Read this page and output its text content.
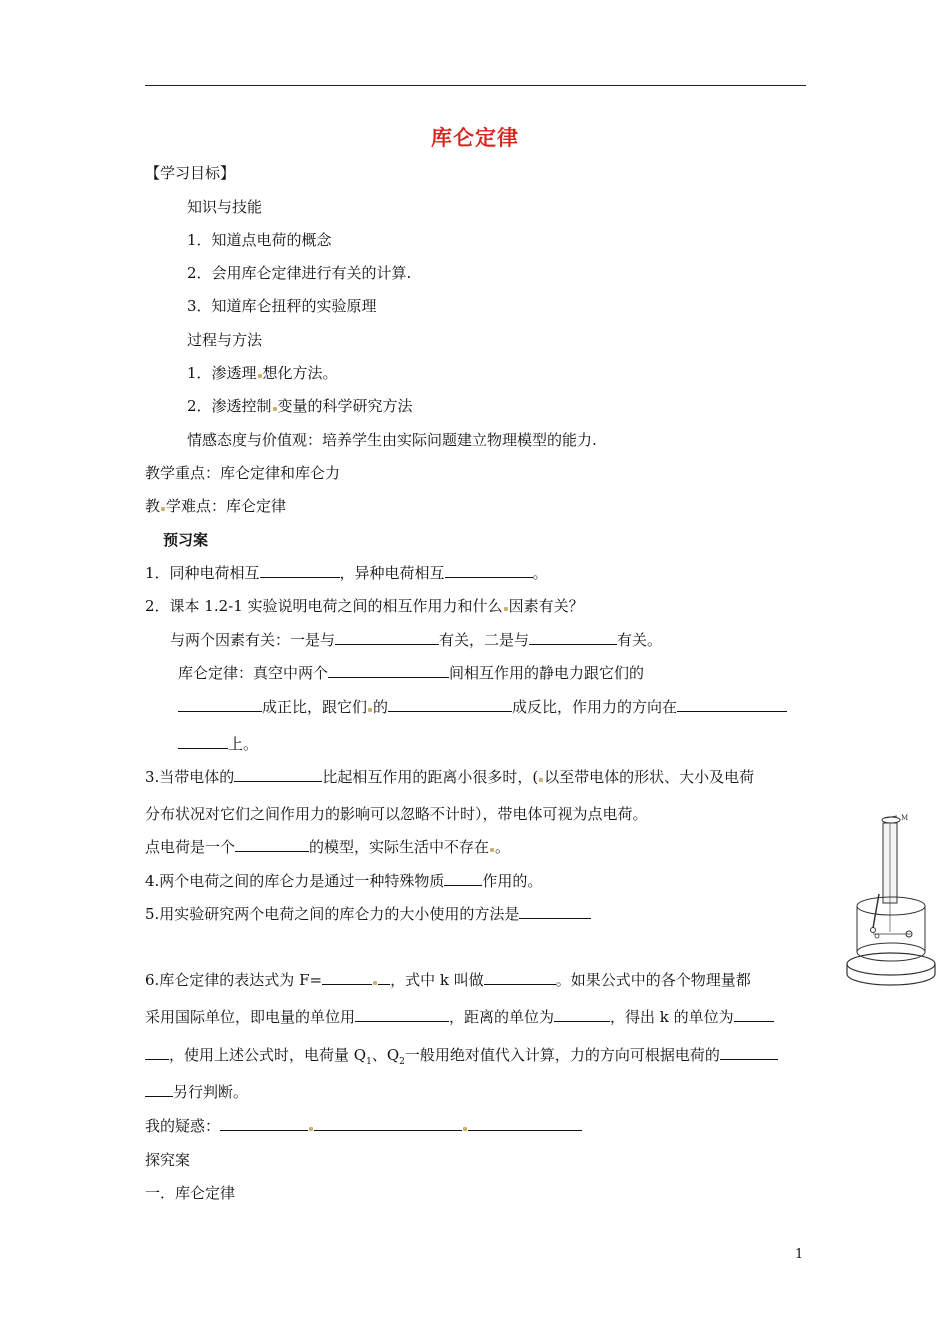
库仑定律
【学习目标】
知识与技能
1．知道点电荷的概念
2．会用库仑定律进行有关的计算.
3．知道库仑扭秤的实验原理
过程与方法
1．渗透理 想化方法。
2．渗透控制 变量的科学研究方法
情感态度与价值观：培养学生由实际问题建立物理模型的能力.
教学重点：库仑定律和库仑力
教 学难点：库仑定律
预习案
1．同种电荷相互	，异种电荷相互	。
2．课本 1.2-1 实验说明电荷之间的相互作用力和什么 因素有关？
与两个因素有关：一是与	有关，二是与	有关。
库仑定律：真空中两个	间相互作用的静电力跟它们的
成正比，跟它们 的	成反比，作用力的方向在
上。
3.当带电体的	比起相互作用的距离小很多时，( 以至带电体的形状、大小及电荷
分布状况对它们之间作用力的影响可以忽略不计时），带电体可视为点电荷。
点电荷是一个	的模型，实际生活中不存在 。
4.两个电荷之间的库仑力是通过一种特殊物质	作用的。
5.用实验研究两个电荷之间的库仑力的大小使用的方法是
6.库仑定律的表达式为 F=	，式中 k 叫做	。如果公式中的各个物理量都
采用国际单位，即电量的单位用	，距离的单位为	，得出 k 的单位为
，使用上述公式时，电荷量 $Q_1$、$Q_2$一般用绝对值代入计算，力的方向可根据电荷的
另行判断。
我的疑惑：
探究案
一．库仑定律
M
1
